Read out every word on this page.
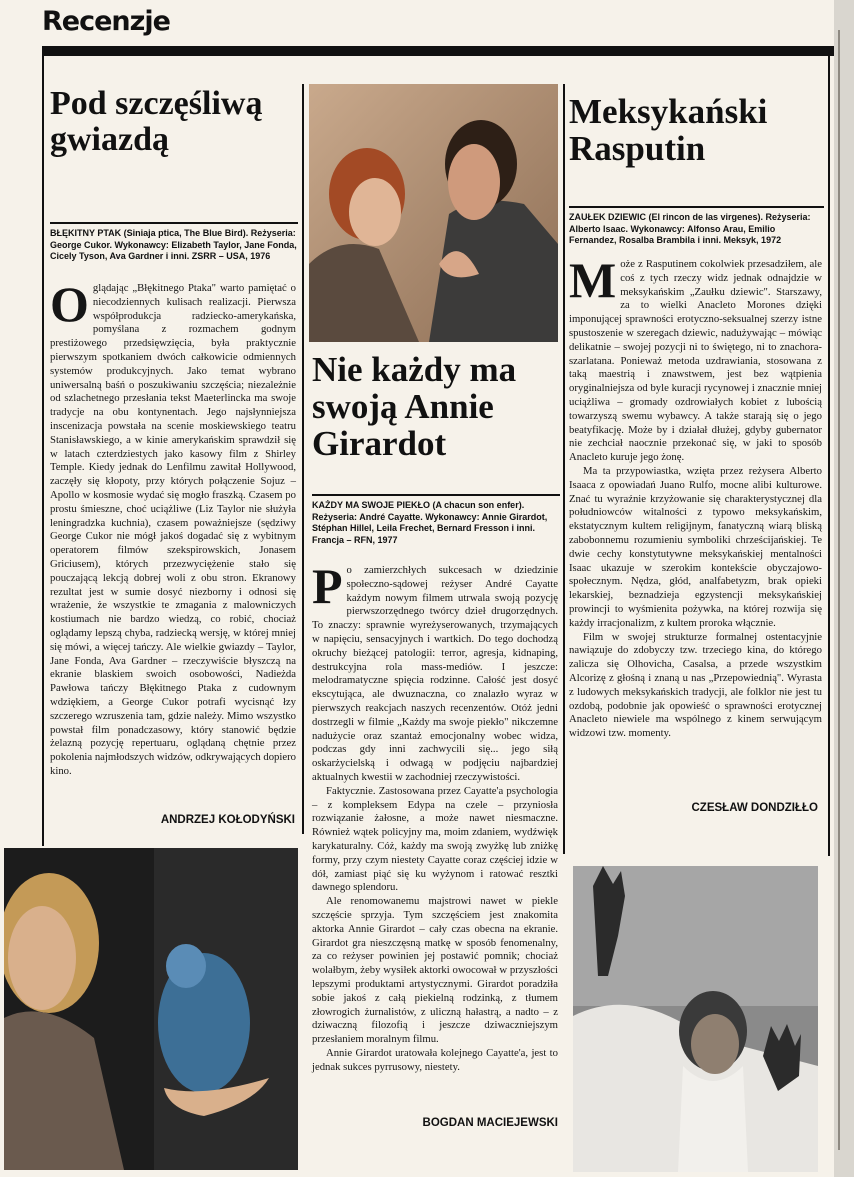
Recenzje
Pod szczęśliwą gwiazdą
BŁĘKITNY PTAK (Siniaja ptica, The Blue Bird). Reżyseria: George Cukor. Wykonawcy: Elizabeth Taylor, Jane Fonda, Cicely Tyson, Ava Gardner i inni. ZSRR – USA, 1976

Oglądając „Błękitnego Ptaka" warto pamiętać o niecodziennych kulisach realizacji. Pierwsza współprodukcja radziecko-amerykańska, pomyślana z rozmachem godnym prestiżowego przedsięwzięcia, była praktycznie pierwszym spotkaniem dwóch całkowicie odmiennych systemów produkcyjnych. Jako temat wybrano uniwersalną baśń o poszukiwaniu szczęścia; niezależnie od szlachetnego przesłania tekst Maeterlincka ma swoje tradycje na obu kontynentach. Jego najsłynniejsza inscenizacja powstała na scenie moskiewskiego teatru Stanisławskiego, a w kinie amerykańskim sprawdził się w latach czterdziestych jako kasowy film z Shirley Temple. Kiedy jednak do Lenfilmu zawitał Hollywood, zaczęły się kłopoty, przy których połączenie Sojuz – Apollo w kosmosie wydać się mogło fraszką. Czasem po prostu śmieszne, choć uciążliwe (Liz Taylor nie służyła leningradzka kuchnia), czasem poważniejsze (sędziwy George Cukor nie mógł jakoś dogadać się z wybitnym operatorem filmów szekspirowskich, Jonasem Griciusem), których przezwyciężenie stało się pouczającą lekcją dobrej woli z obu stron. Ekranowy rezultat jest w sumie dosyć niezborny i odnosi się wrażenie, że wszystkie te zmagania z malowniczych kostiumach nie bardzo wiedzą, co robić, chociaż oglądamy lepszą chyba, radziecką wersję, w której mniej się mówi, a więcej tańczy. Ale wielkie gwiazdy – Taylor, Jane Fonda, Ava Gardner – rzeczywiście błyszczą na ekranie blaskiem swoich osobowości, Nadieżda Pawłowa tańczy Błękitnego Ptaka z cudownym wdziękiem, a George Cukor potrafi wycisnąć łzy szczerego wzruszenia tam, gdzie należy. Mimo wszystko powstał film ponadczasowy, który stanowić będzie żelazną pozycję repertuaru, oglądaną chętnie przez pokolenia najmłodszych widzów, odkrywających dopiero kino.

ANDRZEJ KOŁODYŃSKI
Nie każdy ma swoją Annie Girardot
KAŻDY MA SWOJE PIEKŁO (A chacun son enfer). Reżyseria: André Cayatte. Wykonawcy: Annie Girardot, Stéphan Hillel, Leila Frechet, Bernard Fresson i inni. Francja – RFN, 1977

Po zamierzchłych sukcesach w dziedzinie społeczno-sądowej reżyser André Cayatte każdym nowym filmem utrwala swoją pozycję pierwszorzędnego twórcy dzieł drugorzędnych. To znaczy: sprawnie wyreżyserowanych, trzymających w napięciu, sensacyjnych i wartkich. Do tego dochodzą okruchy bieżącej patologii: terror, agresja, kidnaping, destrukcyjna rola mass-mediów. I jeszcze: melodramatyczne spięcia rodzinne. Całość jest dosyć ekscytująca, ale dwuznaczna, co znalazło wyraz w pierwszych reakcjach naszych recenzentów. Otóż jedni dostrzegli w filmie „Każdy ma swoje piekło" nikczemne nadużycie oraz szantaż emocjonalny wobec widza, podczas gdy inni zachwycili się... jego siłą oskarżycielską i odwagą w podjęciu najbardziej aktualnych kwestii w zachodniej rzeczywistości.

Faktycznie. Zastosowana przez Cayatte'a psychologia – z kompleksem Edypa na czele – przyniosła rozwiązanie żałosne, a może nawet niesmaczne. Również wątek policyjny ma, moim zdaniem, wydźwięk karykaturalny. Cóż, każdy ma swoją zwyżkę lub zniżkę formy, przy czym niestety Cayatte coraz częściej idzie w dół, zamiast piąć się ku wyżynom i ratować resztki dawnego splendoru.

Ale renomowanemu majstrowi nawet w piekle szczęście sprzyja. Tym szczęściem jest znakomita aktorka Annie Girardot – cały czas obecna na ekranie. Girardot gra nieszczęsną matkę w sposób fenomenalny, za co reżyser powinien jej postawić pomnik; chociaż wolałbym, żeby wysiłek aktorki owocował w przyszłości lepszymi produktami artystycznymi. Girardot poradziła sobie jakoś z całą piekielną rodzinką, z tłumem złowrogich żurnalistów, z uliczną hałastrą, a nadto – z dziwaczną filozofią i jeszcze dziwaczniejszym przesłaniem moralnym filmu.

Annie Girardot uratowała kolejnego Cayatte'a, jest to jednak sukces pyrrusowy, niestety.

BOGDAN MACIEJEWSKI
Meksykański Rasputin
ZAUŁEK DZIEWIC (El rincon de las virgenes). Reżyseria: Alberto Isaac. Wykonawcy: Alfonso Arau, Emilio Fernandez, Rosalba Brambila i inni. Meksyk, 1972

Może z Rasputinem cokolwiek przesadziłem, ale coś z tych rzeczy widz jednak odnajdzie w meksykańskim „Zaułku dziewic". Starszawy, za to wielki Anacleto Morones dzięki imponującej sprawności erotyczno-seksualnej szerzy istne spustoszenie w szeregach dziewic, nadużywając – mówiąc delikatnie – swojej pozycji ni to świętego, ni to znachora-szarlatana. Ponieważ metoda uzdrawiania, stosowana z taką maestrią i znawstwem, jest bez wątpienia oryginalniejsza od byle kuracji rycynowej i znacznie mniej uciążliwa – gromady ozdrowiałych kobiet z lubością towarzyszą swemu wybawcy. A także starają się o jego beatyfikację. Może by i działał dłużej, gdyby gubernator nie zechciał naocznie przekonać się, w jaki to sposób Anacleto kuruje jego żonę.

Ma ta przypowiastka, wzięta przez reżysera Alberto Isaaca z opowiadań Juano Rulfo, mocne alibi kulturowe. Znać tu wyraźnie krzyżowanie się charakterystycznej dla południowców witalności z typowo meksykańskim, ekstatycznym kultem religijnym, fanatyczną wiarą bliską zabobonnemu rozumieniu symboliki chrześcijańskiej. Te dwie cechy konstytutywne meksykańskiej mentalności Isaac ukazuje w szerokim kontekście obyczajowo-społecznym. Nędza, głód, analfabetyzm, brak opieki lekarskiej, beznadzieja egzystencji meksykańskiej prowincji to wyśmienita pożywka, na której rozwija się każdy irracjonalizm, z kultem proroka włącznie.

Film w swojej strukturze formalnej ostentacyjnie nawiązuje do zdobyczy tzw. trzeciego kina, do którego zalicza się Olhovicha, Casalsa, a przede wszystkim Alcorizę z głośną i znaną u nas „Przepowiednią". Wyrasta z ludowych meksykańskich tradycji, ale folklor nie jest tu ozdobą, podobnie jak opowieść o sprawności erotycznej Anacleto niewiele ma wspólnego z kinem serwującym widzowi tzw. momenty.

CZESŁAW DONDZIŁŁO
